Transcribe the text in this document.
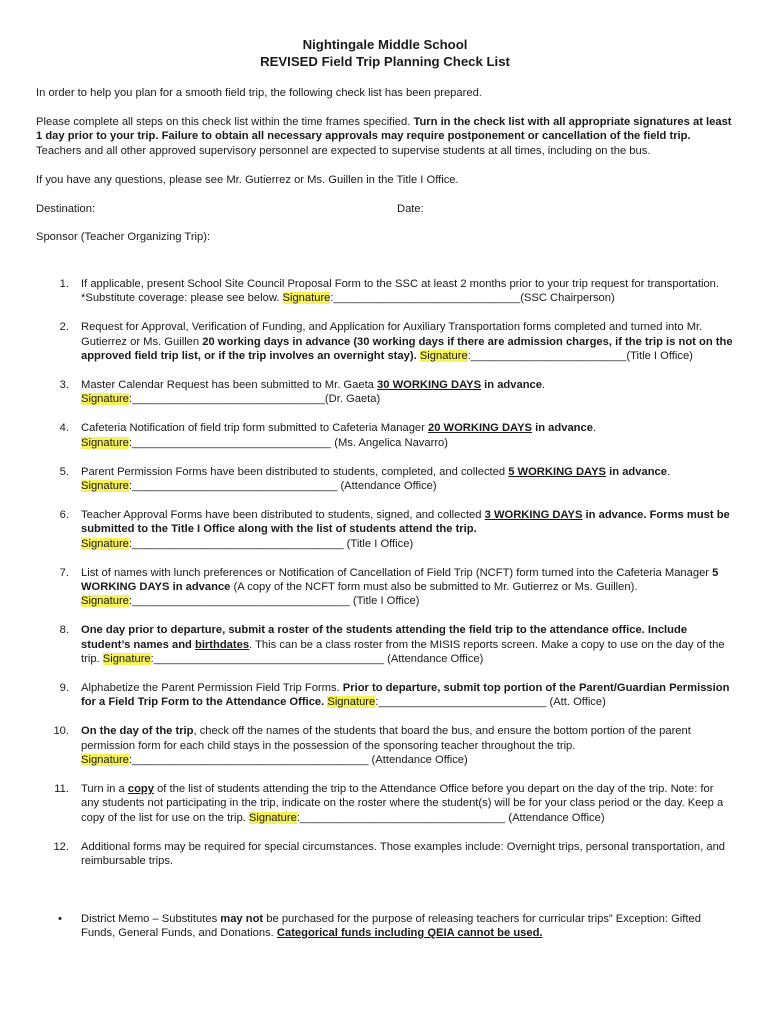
Nightingale Middle School

REVISED Field Trip Planning Check List

In order to help you plan for a smooth field trip, the following check list has been prepared.

Please complete all steps on this check list within the time frames specified. Turn in the check list with all appropriate signatures at least 1 day prior to your trip. Failure to obtain all necessary approvals may require postponement or cancellation of the field trip. Teachers and all other approved supervisory personnel are expected to supervise students at all times, including on the bus.

If you have any questions, please see Mr. Gutierrez or Ms. Guillen in the Title I Office.

Destination:	Date:

Sponsor (Teacher Organizing Trip):

1. If applicable, present School Site Council Proposal Form to the SSC at least 2 months prior to your trip request for transportation. *Substitute coverage: please see below. Signature:______________________________(SSC Chairperson)
2. Request for Approval, Verification of Funding, and Application for Auxiliary Transportation forms completed and turned into Mr. Gutierrez or Ms. Guillen 20 working days in advance (30 working days if there are admission charges, if the trip is not on the approved field trip list, or if the trip involves an overnight stay). Signature:_________________________(Title I Office)
3. Master Calendar Request has been submitted to Mr. Gaeta 30 WORKING DAYS in advance.
Signature:_______________________________(Dr. Gaeta)
4. Cafeteria Notification of field trip form submitted to Cafeteria Manager 20 WORKING DAYS in advance.
Signature:________________________________ (Ms. Angelica Navarro)
5. Parent Permission Forms have been distributed to students, completed, and collected 5 WORKING DAYS in advance.
Signature:_________________________________ (Attendance Office)
6. Teacher Approval Forms have been distributed to students, signed, and collected 3 WORKING DAYS in advance. Forms must be submitted to the Title I Office along with the list of students attend the trip.
Signature:__________________________________ (Title I Office)
7. List of names with lunch preferences or Notification of Cancellation of Field Trip (NCFT) form turned into the Cafeteria Manager 5 WORKING DAYS in advance (A copy of the NCFT form must also be submitted to Mr. Gutierrez or Ms. Guillen).
Signature:___________________________________ (Title I Office)
8. One day prior to departure, submit a roster of the students attending the field trip to the attendance office. Include student’s names and birthdates. This can be a class roster from the MISIS reports screen. Make a copy to use on the day of the trip. Signature:_____________________________________ (Attendance Office)
9. Alphabetize the Parent Permission Field Trip Forms. Prior to departure, submit top portion of the Parent/Guardian Permission for a Field Trip Form to the Attendance Office. Signature:___________________________ (Att. Office)
10. On the day of the trip, check off the names of the students that board the bus, and ensure the bottom portion of the parent permission form for each child stays in the possession of the sponsoring teacher throughout the trip.
Signature:______________________________________ (Attendance Office)
11. Turn in a copy of the list of students attending the trip to the Attendance Office before you depart on the day of the trip. Note: for any students not participating in the trip, indicate on the roster where the student(s) will be for your class period or the day. Keep a copy of the list for use on the trip. Signature:_________________________________ (Attendance Office)
12. Additional forms may be required for special circumstances. Those examples include: Overnight trips, personal transportation, and reimbursable trips.
•	District Memo – Substitutes may not be purchased for the purpose of releasing teachers for curricular trips” Exception: Gifted Funds, General Funds, and Donations. Categorical funds including QEIA cannot be used.
